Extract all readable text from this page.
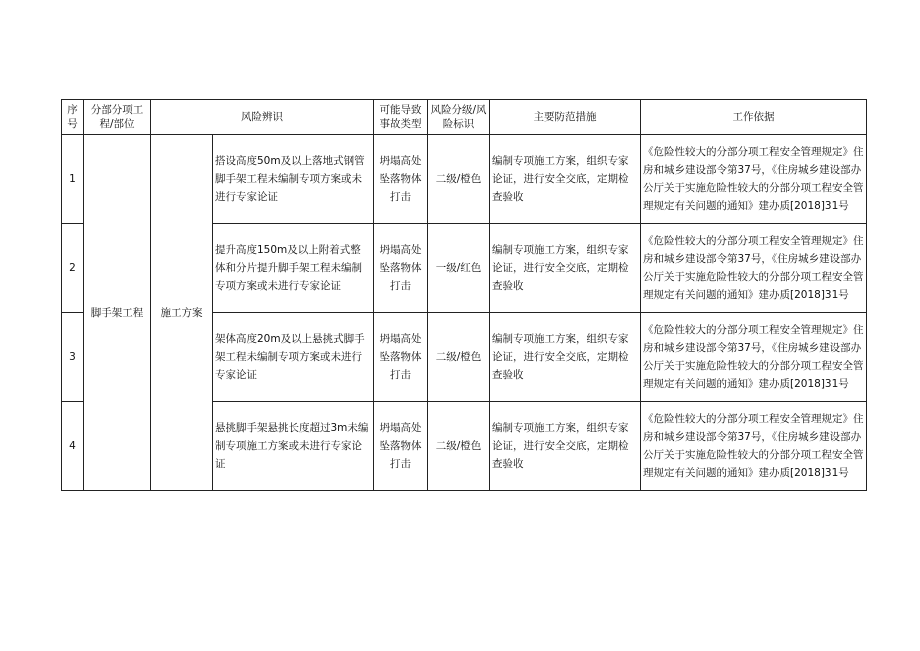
序号	分部分项工程/部位	风险辨识		可能导致事故类型	风险分级/风险标识	主要防范措施	工作依据
1	脚手架工程	施工方案	搭设高度50m及以上落地式钢管脚手架工程未编制专项方案或未进行专家论证	坍塌高处坠落物体打击	二级/橙色	编制专项施工方案，组织专家论证，进行安全交底，定期检查验收	《危险性较大的分部分项工程安全管理规定》住房和城乡建设部令第37号，《住房城乡建设部办公厅关于实施危险性较大的分部分项工程安全管理规定有关问题的通知》建办质[2018]31号
2			提升高度150m及以上附着式整体和分片提升脚手架工程未编制专项方案或未进行专家论证	坍塌高处坠落物体打击	一级/红色	编制专项施工方案，组织专家论证，进行安全交底，定期检查验收	《危险性较大的分部分项工程安全管理规定》住房和城乡建设部令第37号，《住房城乡建设部办公厅关于实施危险性较大的分部分项工程安全管理规定有关问题的通知》建办质[2018]31号
3			架体高度20m及以上悬挑式脚手架工程未编制专项方案或未进行专家论证	坍塌高处坠落物体打击	二级/橙色	编制专项施工方案，组织专家论证，进行安全交底，定期检查验收	《危险性较大的分部分项工程安全管理规定》住房和城乡建设部令第37号，《住房城乡建设部办公厅关于实施危险性较大的分部分项工程安全管理规定有关问题的通知》建办质[2018]31号
4			悬挑脚手架悬挑长度超过3m未编制专项施工方案或未进行专家论证	坍塌高处坠落物体打击	二级/橙色	编制专项施工方案，组织专家论证，进行安全交底，定期检查验收	《危险性较大的分部分项工程安全管理规定》住房和城乡建设部令第37号，《住房城乡建设部办公厅关于实施危险性较大的分部分项工程安全管理规定有关问题的通知》建办质[2018]31号
